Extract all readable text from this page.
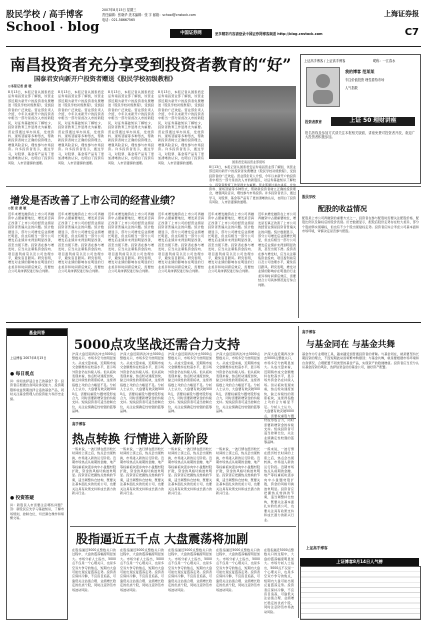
股民学校 / 高手博客
School · blog
2007年8月15日 星期三
责任编辑：张晓华 美术编辑：张 宇 邮箱：school@cnstock.com
电话：021-58667565
上海证券报
C7
中国证券网	更多精彩内容请登录中国证券网博客频道 http://blog.cnstock.com
南昌投资者充分享受到投资者教育的“好”
国泰君安向新开户投资者赠送《股民学校初级教程》
◎本报记者 黄 骏
8月13日，本报记者从国泰君安证券南昌营业部了解到，该营业部近期为新开户的投资者免费赠送《股民学校初级教程》，受到投资者的广泛欢迎。营业部负责人介绍，今年以来新开户的投资者中相当一部分是首次入市的新股民，对证券基础知识了解较少，投资者教育工作显得尤为重要。营业部通过举办讲座、发放资料、现场答疑等多种形式，帮助新投资者树立正确的投资理念，增强风险意识，理性参与市场投资。许多投资者表示，通过学习，对股票、基金等产品有了更加清晰的认识，也明白了投资有风险、入市需谨慎的道理。
8月13日，本报记者从国泰君安证券南昌营业部了解到，该营业部近期为新开户的投资者免费赠送《股民学校初级教程》，受到投资者的广泛欢迎。营业部负责人介绍，今年以来新开户的投资者中相当一部分是首次入市的新股民，对证券基础知识了解较少，投资者教育工作显得尤为重要。营业部通过举办讲座、发放资料、现场答疑等多种形式，帮助新投资者树立正确的投资理念，增强风险意识，理性参与市场投资。许多投资者表示，通过学习，对股票、基金等产品有了更加清晰的认识，也明白了投资有风险、入市需谨慎的道理。
8月13日，本报记者从国泰君安证券南昌营业部了解到，该营业部近期为新开户的投资者免费赠送《股民学校初级教程》，受到投资者的广泛欢迎。营业部负责人介绍，今年以来新开户的投资者中相当一部分是首次入市的新股民，对证券基础知识了解较少，投资者教育工作显得尤为重要。营业部通过举办讲座、发放资料、现场答疑等多种形式，帮助新投资者树立正确的投资理念，增强风险意识，理性参与市场投资。许多投资者表示，通过学习，对股票、基金等产品有了更加清晰的认识，也明白了投资有风险、入市需谨慎的道理。
8月13日，本报记者从国泰君安证券南昌营业部了解到，该营业部近期为新开户的投资者免费赠送《股民学校初级教程》，受到投资者的广泛欢迎。营业部负责人介绍，今年以来新开户的投资者中相当一部分是首次入市的新股民，对证券基础知识了解较少，投资者教育工作显得尤为重要。营业部通过举办讲座、发放资料、现场答疑等多种形式，帮助新投资者树立正确的投资理念，增强风险意识，理性参与市场投资。许多投资者表示，通过学习，对股票、基金等产品有了更加清晰的认识，也明白了投资有风险、入市需谨慎的道理。	国泰君安南昌营业部现场
8月13日，本报记者从国泰君安证券南昌营业部了解到，该营业部近期为新开户的投资者免费赠送《股民学校初级教程》，受到投资者的广泛欢迎。营业部负责人介绍，今年以来新开户的投资者中相当一部分是首次入市的新股民，对证券基础知识了解较少，投资者教育工作显得尤为重要。营业部通过举办讲座、发放资料、现场答疑等多种形式，帮助新投资者树立正确的投资理念，增强风险意识，理性参与市场投资。许多投资者表示，通过学习，对股票、基金等产品有了更加清晰的认识，也明白了投资有风险、入市需谨慎的道理。
上证高手博客 / 上证高手博客	昵称：一江春水
我的博客 范某某
专注价值投资 理性看待市场
人气指数
上证 50 理财讲座
投资者教育
报名热线及参加方式请关注本报相关版面，讲座免费对投资者开放，欢迎广大投资者积极参加。
增发是否改善了上市公司的经营业绩？
◎张 宏 黄 敏
近年来增发融资在上市公司再融资中占据重要地位，增发是否真正改善了上市公司的经营业绩是投资者普遍关注的问题。统计数据显示，部分公司增发后业绩增长明显，但也有相当一部分公司增发后业绩并未得到明显改善，甚至出现下滑。投资者在参与增发时，应当关注募集资金投向、项目盈利前景以及公司治理水平，避免盲目跟风。研究表明，增发对业绩的影响存在明显的行业差异和时间滞后效应，需要结合公司具体情况进行综合判断。
近年来增发融资在上市公司再融资中占据重要地位，增发是否真正改善了上市公司的经营业绩是投资者普遍关注的问题。统计数据显示，部分公司增发后业绩增长明显，但也有相当一部分公司增发后业绩并未得到明显改善，甚至出现下滑。投资者在参与增发时，应当关注募集资金投向、项目盈利前景以及公司治理水平，避免盲目跟风。研究表明，增发对业绩的影响存在明显的行业差异和时间滞后效应，需要结合公司具体情况进行综合判断。
近年来增发融资在上市公司再融资中占据重要地位，增发是否真正改善了上市公司的经营业绩是投资者普遍关注的问题。统计数据显示，部分公司增发后业绩增长明显，但也有相当一部分公司增发后业绩并未得到明显改善，甚至出现下滑。投资者在参与增发时，应当关注募集资金投向、项目盈利前景以及公司治理水平，避免盲目跟风。研究表明，增发对业绩的影响存在明显的行业差异和时间滞后效应，需要结合公司具体情况进行综合判断。
近年来增发融资在上市公司再融资中占据重要地位，增发是否真正改善了上市公司的经营业绩是投资者普遍关注的问题。统计数据显示，部分公司增发后业绩增长明显，但也有相当一部分公司增发后业绩并未得到明显改善，甚至出现下滑。投资者在参与增发时，应当关注募集资金投向、项目盈利前景以及公司治理水平，避免盲目跟风。研究表明，增发对业绩的影响存在明显的行业差异和时间滞后效应，需要结合公司具体情况进行综合判断。
近年来增发融资在上市公司再融资中占据重要地位，增发是否真正改善了上市公司的经营业绩是投资者普遍关注的问题。统计数据显示，部分公司增发后业绩增长明显，但也有相当一部分公司增发后业绩并未得到明显改善，甚至出现下滑。投资者在参与增发时，应当关注募集资金投向、项目盈利前景以及公司治理水平，避免盲目跟风。研究表明，增发对业绩的影响存在明显的行业差异和时间滞后效应，需要结合公司具体情况进行综合判断。
近年来增发融资在上市公司再融资中占据重要地位，增发是否真正改善了上市公司的经营业绩是投资者普遍关注的问题。统计数据显示，部分公司增发后业绩增长明显，但也有相当一部分公司增发后业绩并未得到明显改善，甚至出现下滑。投资者在参与增发时，应当关注募集资金投向、项目盈利前景以及公司治理水平，避免盲目跟风。研究表明，增发对业绩的影响存在明显的行业差异和时间滞后效应，需要结合公司具体情况进行综合判断。
股民学校
配股的收益情况
配股是上市公司再融资的重要方式之一，投资者在参与配股时需要关注配股价格、配股比例以及除权后的股价表现。历史数据显示，配股后股价走势存在较大差异，部分个股能够实现填权，但也有不少个股出现贴权走势。投资者应综合考虑公司基本面和市场环境，审慎决定是否参与配股。
基金问答
上证博客 2007年8月15日
● 每日观点
问：如何选择适合自己的基金？答：投资者应根据自身风险承受能力、投资期限和收益预期选择合适的基金产品，同时关注基金管理人的投资能力和历史业绩。
● 投资答疑
问：新股民入市需要注意哪些问题？答：新股民应先学习基础知识，了解市场规则，控制仓位，切忌满仓操作和频繁交易。
5000点攻坚战还需合力支持
沪深大盘近期再次冲击5000点整数关口，市场多空分歧明显加大。从成交量来看，近期两市成交金额维持在较高水平，显示场外资金仍在持续入场。但从板块表现来看，热点轮动速度加快，缺乏持续性的领涨板块，这使得指数上攻的合力略显不足。分析人士认为，大盘要有效突破5000点，需要权重股与题材股形成合力，同时需要新增资金的持续支持。短线投资者可适当控制仓位，关注业绩确定性较强的蓝筹品种。
沪深大盘近期再次冲击5000点整数关口，市场多空分歧明显加大。从成交量来看，近期两市成交金额维持在较高水平，显示场外资金仍在持续入场。但从板块表现来看，热点轮动速度加快，缺乏持续性的领涨板块，这使得指数上攻的合力略显不足。分析人士认为，大盘要有效突破5000点，需要权重股与题材股形成合力，同时需要新增资金的持续支持。短线投资者可适当控制仓位，关注业绩确定性较强的蓝筹品种。
沪深大盘近期再次冲击5000点整数关口，市场多空分歧明显加大。从成交量来看，近期两市成交金额维持在较高水平，显示场外资金仍在持续入场。但从板块表现来看，热点轮动速度加快，缺乏持续性的领涨板块，这使得指数上攻的合力略显不足。分析人士认为，大盘要有效突破5000点，需要权重股与题材股形成合力，同时需要新增资金的持续支持。短线投资者可适当控制仓位，关注业绩确定性较强的蓝筹品种。
沪深大盘近期再次冲击5000点整数关口，市场多空分歧明显加大。从成交量来看，近期两市成交金额维持在较高水平，显示场外资金仍在持续入场。但从板块表现来看，热点轮动速度加快，缺乏持续性的领涨板块，这使得指数上攻的合力略显不足。分析人士认为，大盘要有效突破5000点，需要权重股与题材股形成合力，同时需要新增资金的持续支持。短线投资者可适当控制仓位，关注业绩确定性较强的蓝筹品种。
沪深大盘近期再次冲击5000点整数关口，市场多空分歧明显加大。从成交量来看，近期两市成交金额维持在较高水平，显示场外资金仍在持续入场。但从板块表现来看，热点轮动速度加快，缺乏持续性的领涨板块，这使得指数上攻的合力略显不足。分析人士认为，大盘要有效突破5000点，需要权重股与题材股形成合力，同时需要新增资金的持续支持。短线投资者可适当控制仓位，关注业绩确定性较强的蓝筹品种。
高手博客
与基金同在 与基金共舞
基金作为专业理财工具，越来越受到普通投资者的青睐。与基金同在，就是要坚持长期投资的理念，不因短期波动而频繁申购赎回；与基金共舞，就是要根据市场环境和自身情况，合理配置不同类型的基金产品，实现资产的稳健增值。投资者应当充分认识基金投资的风险，选择信誉良好的基金公司，做好资产配置。
上证高手博客
上证博客8月14日人气榜
高手博客
热点转换 行情进入新阶段
一般来说，一波行情在经历较长时间的上涨之后，热点会出现转换，市场进入新的运行阶段。近期市场热点从前期的金融、地产等权重板块逐步向中小盘题材股扩散，资金的风格切换迹象明显。投资者应把握热点转换的节奏，适当调整持仓结构，既要关注基本面扎实的优质公司，也要关注具有政策支持和成长潜力的新兴行业。
一般来说，一波行情在经历较长时间的上涨之后，热点会出现转换，市场进入新的运行阶段。近期市场热点从前期的金融、地产等权重板块逐步向中小盘题材股扩散，资金的风格切换迹象明显。投资者应把握热点转换的节奏，适当调整持仓结构，既要关注基本面扎实的优质公司，也要关注具有政策支持和成长潜力的新兴行业。
一般来说，一波行情在经历较长时间的上涨之后，热点会出现转换，市场进入新的运行阶段。近期市场热点从前期的金融、地产等权重板块逐步向中小盘题材股扩散，资金的风格切换迹象明显。投资者应把握热点转换的节奏，适当调整持仓结构，既要关注基本面扎实的优质公司，也要关注具有政策支持和成长潜力的新兴行业。
一般来说，一波行情在经历较长时间的上涨之后，热点会出现转换，市场进入新的运行阶段。近期市场热点从前期的金融、地产等权重板块逐步向中小盘题材股扩散，资金的风格切换迹象明显。投资者应把握热点转换的节奏，适当调整持仓结构，既要关注基本面扎实的优质公司，也要关注具有政策支持和成长潜力的新兴行业。
一般来说，一波行情在经历较长时间的上涨之后，热点会出现转换，市场进入新的运行阶段。近期市场热点从前期的金融、地产等权重板块逐步向中小盘题材股扩散，资金的风格切换迹象明显。投资者应把握热点转换的节奏，适当调整持仓结构，既要关注基本面扎实的优质公司，也要关注具有政策支持和成长潜力的新兴行业。
股指逼近五千点 大盘震荡将加剧
在股指逼近5000点整数关口的过程中，大盘的震荡幅度明显加大。市场分析人士指出，5000点不仅是一个心理关口，也是多空双方争夺的焦点，短期内大盘可能出现反复震荡走势。投资者应保持冷静，不宜盲目追高，可逢低关注估值合理、业绩增长稳定的优质个股，同时注意防范市场波动风险。
在股指逼近5000点整数关口的过程中，大盘的震荡幅度明显加大。市场分析人士指出，5000点不仅是一个心理关口，也是多空双方争夺的焦点，短期内大盘可能出现反复震荡走势。投资者应保持冷静，不宜盲目追高，可逢低关注估值合理、业绩增长稳定的优质个股，同时注意防范市场波动风险。
在股指逼近5000点整数关口的过程中，大盘的震荡幅度明显加大。市场分析人士指出，5000点不仅是一个心理关口，也是多空双方争夺的焦点，短期内大盘可能出现反复震荡走势。投资者应保持冷静，不宜盲目追高，可逢低关注估值合理、业绩增长稳定的优质个股，同时注意防范市场波动风险。
在股指逼近5000点整数关口的过程中，大盘的震荡幅度明显加大。市场分析人士指出，5000点不仅是一个心理关口，也是多空双方争夺的焦点，短期内大盘可能出现反复震荡走势。投资者应保持冷静，不宜盲目追高，可逢低关注估值合理、业绩增长稳定的优质个股，同时注意防范市场波动风险。
在股指逼近5000点整数关口的过程中，大盘的震荡幅度明显加大。市场分析人士指出，5000点不仅是一个心理关口，也是多空双方争夺的焦点，短期内大盘可能出现反复震荡走势。投资者应保持冷静，不宜盲目追高，可逢低关注估值合理、业绩增长稳定的优质个股，同时注意防范市场波动风险。
